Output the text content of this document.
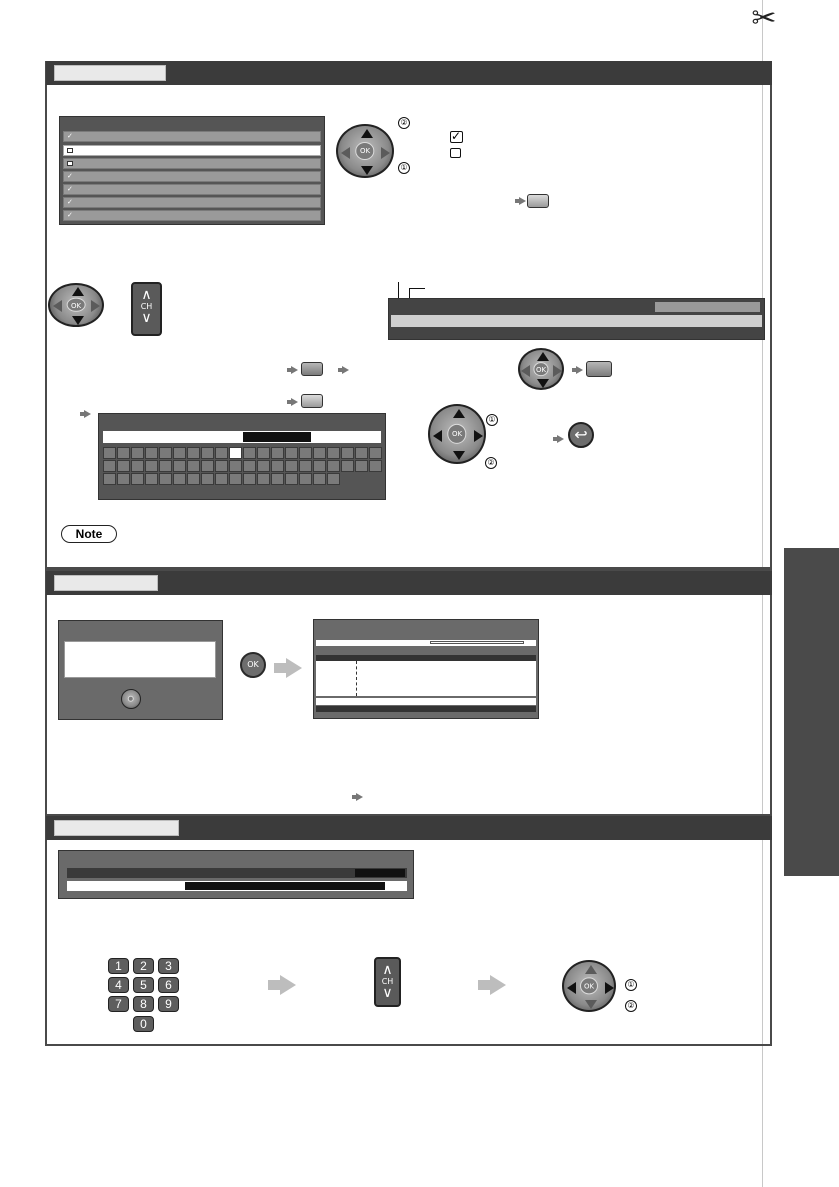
✂
✓
✓
✓
✓
✓
OK
②
①
✓
OK
∧
CH
∨
OK
OK
①
②
↩
Note
OK
1	2	3
4	5	6
7	8	9
0
∧
CH
∨	OK	①
②
